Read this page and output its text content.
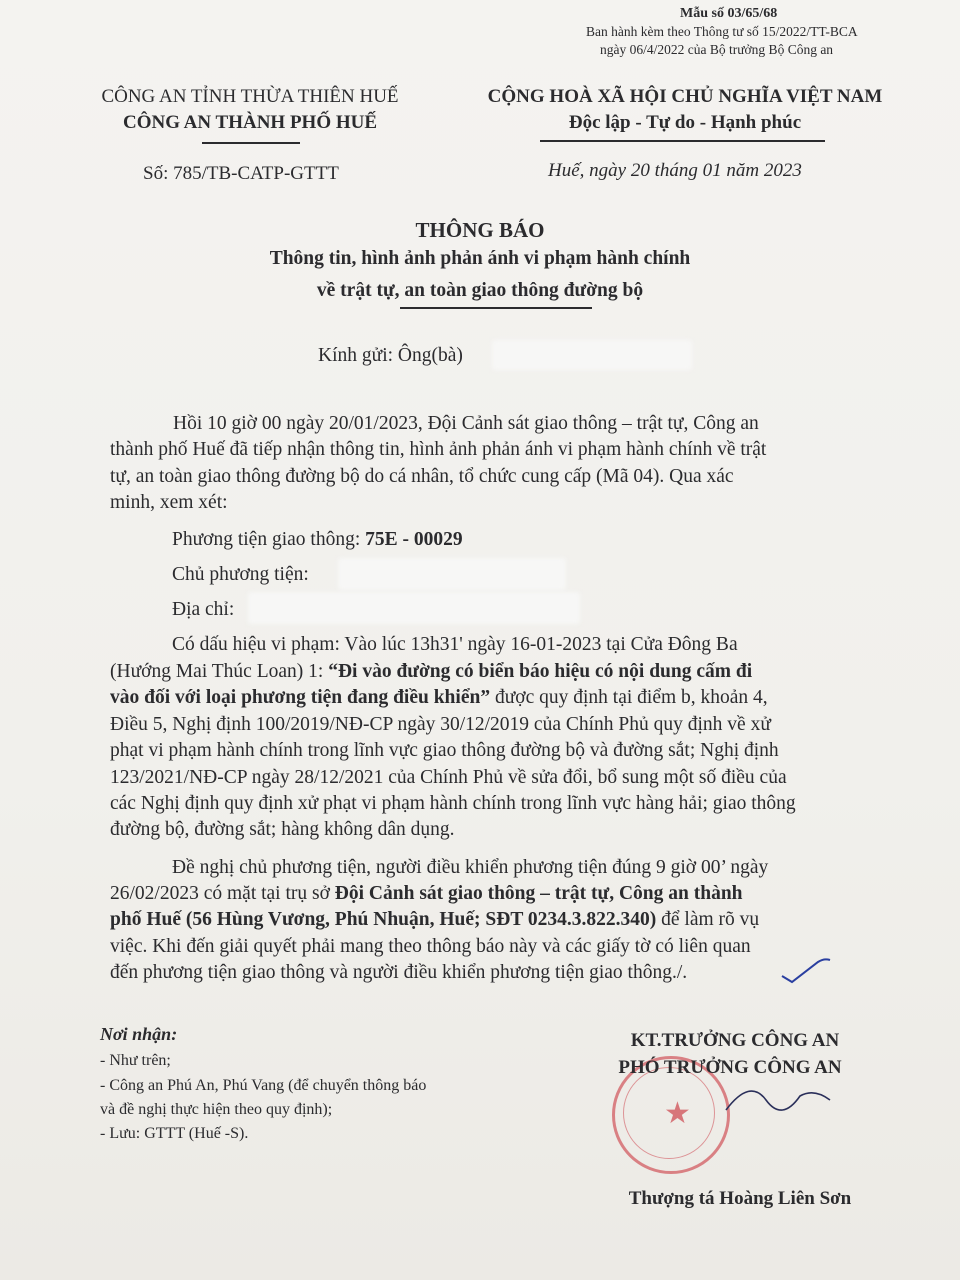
Mẫu số 03/65/68
Ban hành kèm theo Thông tư số 15/2022/TT-BCA
ngày 06/4/2022 của Bộ trưởng Bộ Công an
CÔNG AN TỈNH THỪA THIÊN HUẾ
CÔNG AN THÀNH PHỐ HUẾ
CỘNG HOÀ XÃ HỘI CHỦ NGHĨA VIỆT NAM
Độc lập - Tự do - Hạnh phúc
Số: 785/TB-CATP-GTTT	Huế, ngày 20 tháng 01 năm 2023
THÔNG BÁO
Thông tin, hình ảnh phản ánh vi phạm hành chính
về trật tự, an toàn giao thông đường bộ
Kính gửi: Ông(bà)
Hồi 10 giờ 00 ngày 20/01/2023, Đội Cảnh sát giao thông – trật tự, Công an
thành phố Huế đã tiếp nhận thông tin, hình ảnh phản ánh vi phạm hành chính về trật
tự, an toàn giao thông đường bộ do cá nhân, tổ chức cung cấp (Mã 04). Qua xác
minh, xem xét:
Phương tiện giao thông: 75E - 00029
Chủ phương tiện:
Địa chỉ:
Có dấu hiệu vi phạm: Vào lúc 13h31' ngày 16-01-2023 tại Cửa Đông Ba
(Hướng Mai Thúc Loan) 1: “Đi vào đường có biển báo hiệu có nội dung cấm đi
vào đối với loại phương tiện đang điều khiển” được quy định tại điểm b, khoản 4,
Điều 5, Nghị định 100/2019/NĐ-CP ngày 30/12/2019 của Chính Phủ quy định về xử
phạt vi phạm hành chính trong lĩnh vực giao thông đường bộ và đường sắt; Nghị định
123/2021/NĐ-CP ngày 28/12/2021 của Chính Phủ về sửa đổi, bổ sung một số điều của
các Nghị định quy định xử phạt vi phạm hành chính trong lĩnh vực hàng hải; giao thông
đường bộ, đường sắt; hàng không dân dụng.
Đề nghị chủ phương tiện, người điều khiển phương tiện đúng 9 giờ 00’ ngày
26/02/2023 có mặt tại trụ sở Đội Cảnh sát giao thông – trật tự, Công an thành
phố Huế (56 Hùng Vương, Phú Nhuận, Huế; SĐT 0234.3.822.340) để làm rõ vụ
việc. Khi đến giải quyết phải mang theo thông báo này và các giấy tờ có liên quan
đến phương tiện giao thông và người điều khiển phương tiện giao thông./.
Nơi nhận:
- Như trên;
- Công an Phú An, Phú Vang (để chuyển thông báo
và đề nghị thực hiện theo quy định);
- Lưu: GTTT (Huế -S).
★
KT.TRƯỞNG CÔNG AN
PHÓ TRƯỞNG CÔNG AN
Thượng tá Hoàng Liên Sơn
